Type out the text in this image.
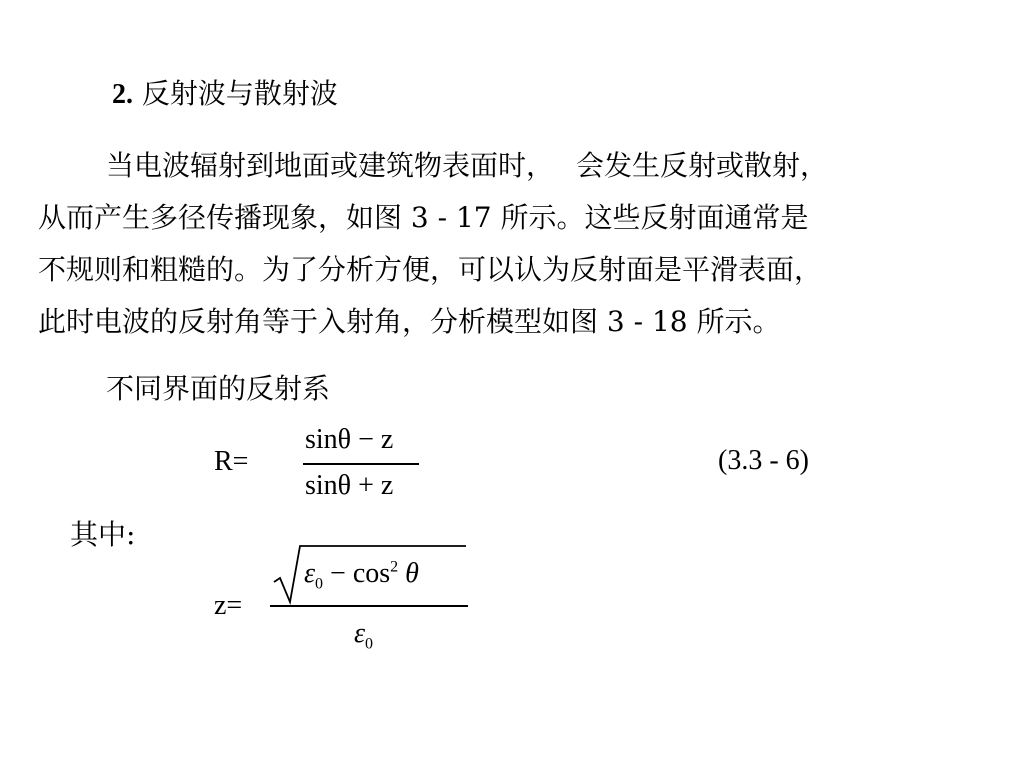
2. 反射波与散射波
当电波辐射到地面或建筑物表面时， 会发生反射或散射，
从而产生多径传播现象，如图 3 - 17 所示。这些反射面通常是
不规则和粗糙的。为了分析方便，可以认为反射面是平滑表面，
此时电波的反射角等于入射角，分析模型如图 3 - 18 所示。
不同界面的反射系
R=
sinθ − z
sinθ + z
(3.3 - 6)
其中:
z=
$\varepsilon_0 - \cos^2 \theta$
$\varepsilon_0$
